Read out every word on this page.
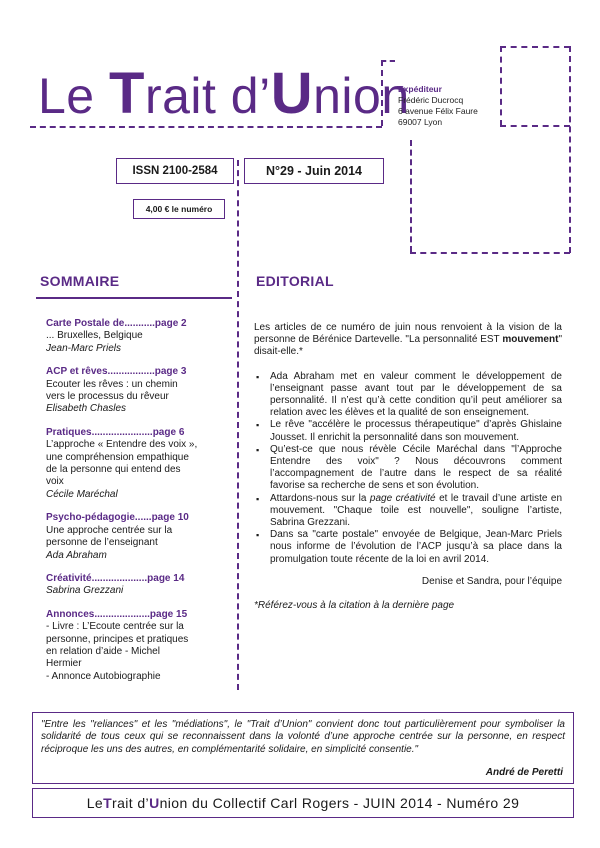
Le Trait d’Union
Expéditeur
Frédéric Ducrocq
6 avenue Félix Faure
69007 Lyon
ISSN 2100-2584
4,00 € le numéro
N°29 - Juin 2014
SOMMAIRE	EDITORIAL
Carte Postale de...........page 2
... Bruxelles, Belgique
Jean-Marc Priels
ACP et rêves.................page 3
Ecouter les rêves : un chemin
vers le processus du rêveur
Elisabeth Chasles
Pratiques......................page 6
L’approche « Entendre des voix »,
une compréhension empathique
de la personne qui entend des
voix
Cécile Maréchal
Psycho-pédagogie......page 10
Une approche centrée sur la
personne de l’enseignant
Ada Abraham
Créativité....................page 14
Sabrina Grezzani
Annonces....................page 15
- Livre : L’Ecoute centrée sur la
personne, principes et pratiques
en relation d’aide - Michel
Hermier
- Annonce Autobiographie

Les articles de ce numéro de juin nous renvoient à la vision de la personne de Bérénice Dartevelle. "La personnalité EST mouvement" disait-elle.*

▪ Ada Abraham met en valeur comment le développement de l’enseignant passe avant tout par le développement de sa personnalité. Il n’est qu’à cette condition qu’il peut améliorer sa relation avec les élèves et la qualité de son enseignement.
▪ Le rêve "accélère le processus thérapeutique" d’après Ghislaine Jousset. Il enrichit la personnalité dans son mouvement.
▪ Qu’est-ce que nous révèle Cécile Maréchal dans "l’Approche Entendre des voix" ? Nous découvrons comment l’accompagnement de l’autre dans le respect de sa réalité favorise sa recherche de sens et son évolution.
▪ Attardons-nous sur la page créativité et le travail d’une artiste en mouvement. "Chaque toile est nouvelle", souligne l’artiste, Sabrina Grezzani.
▪ Dans sa "carte postale" envoyée de Belgique, Jean-Marc Priels nous informe de l’évolution de l’ACP jusqu’à sa place dans la promulgation toute récente de la loi en avril 2014.

Denise et Sandra, pour l’équipe

*Référez-vous à la citation à la dernière page

"Entre les "reliances" et les "médiations", le "Trait d’Union" convient donc tout particulièrement pour symboliser la solidarité de tous ceux qui se reconnaissent dans la volonté d’une approche centrée sur la personne, en respect réciproque les uns des autres, en complémentarité solidaire, en simplicité consentie."
André de Peretti
Le T rait d’ U nion du Collectif Carl Rogers - JUIN 2014 - Numéro 29
